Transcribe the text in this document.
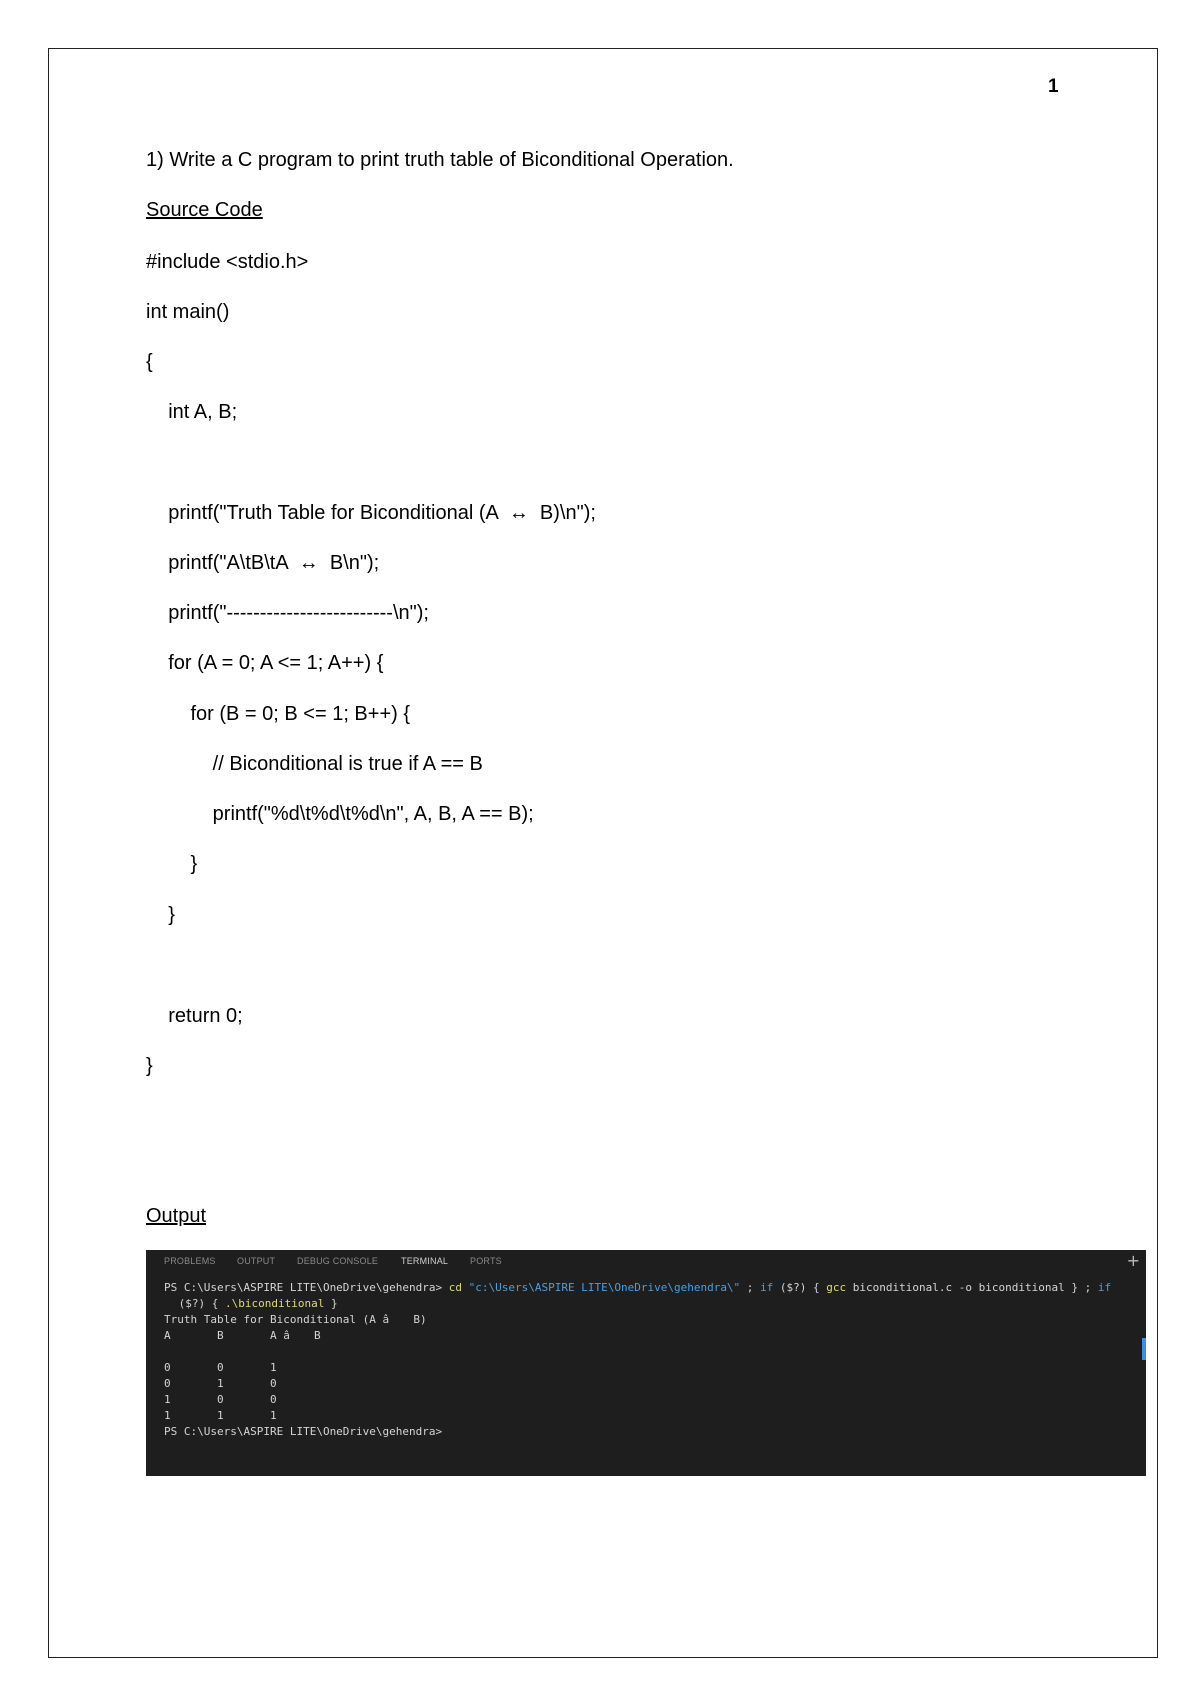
1
1) Write a C program to print truth table of Biconditional Operation.
Source Code
#include <stdio.h>
int main()
{
int A, B;
printf("Truth Table for Biconditional (A  ↔  B)\n");
printf("A\tB\tA  ↔  B\n");
printf("-------------------------\n");
for (A = 0; A <= 1; A++) {
for (B = 0; B <= 1; B++) {
// Biconditional is true if A == B
printf("%d\t%d\t%d\n", A, B, A == B);
}
}
return 0;
}
Output
PROBLEMS OUTPUT DEBUG CONSOLE	TERMINAL PORTS	+
PS C:\Users\ASPIRE LITE\OneDrive\gehendra> cd "c:\Users\ASPIRE LITE\OneDrive\gehendra\" ; if ($?) { gcc biconditional.c -o biconditional } ; if
($?) { .\biconditional }
Truth Table for Biconditional (A â B)
A       B       A â B
0       0       1
0       1       0
1       0       0
1       1       1
PS C:\Users\ASPIRE LITE\OneDrive\gehendra>
